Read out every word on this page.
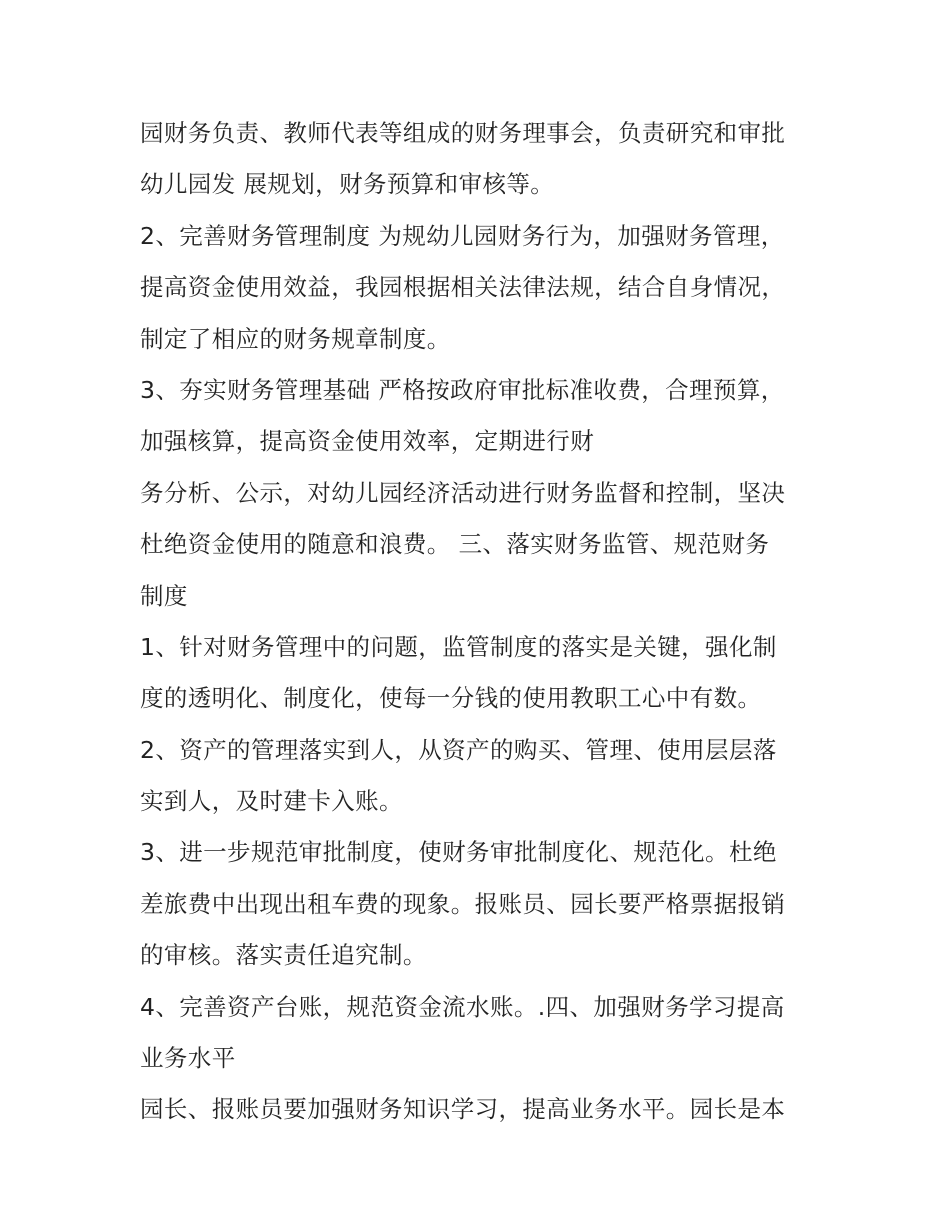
园财务负责、教师代表等组成的财务理事会，负责研究和审批
幼儿园发 展规划，财务预算和审核等。
2、完善财务管理制度 为规幼儿园财务行为，加强财务管理，
提高资金使用效益，我园根据相关法律法规，结合自身情况，
制定了相应的财务规章制度。
3、夯实财务管理基础 严格按政府审批标准收费，合理预算，
加强核算，提高资金使用效率，定期进行财
务分析、公示，对幼儿园经济活动进行财务监督和控制，坚决
杜绝资金使用的随意和浪费。 三、落实财务监管、规范财务
制度
1、针对财务管理中的问题，监管制度的落实是关键，强化制
度的透明化、制度化，使每一分钱的使用教职工心中有数。
2、资产的管理落实到人，从资产的购买、管理、使用层层落
实到人，及时建卡入账。
3、进一步规范审批制度，使财务审批制度化、规范化。杜绝
差旅费中出现出租车费的现象。报账员、园长要严格票据报销
的审核。落实责任追究制。
4、完善资产台账，规范资金流水账。.四、加强财务学习提高
业务水平
园长、报账员要加强财务知识学习，提高业务水平。园长是本
